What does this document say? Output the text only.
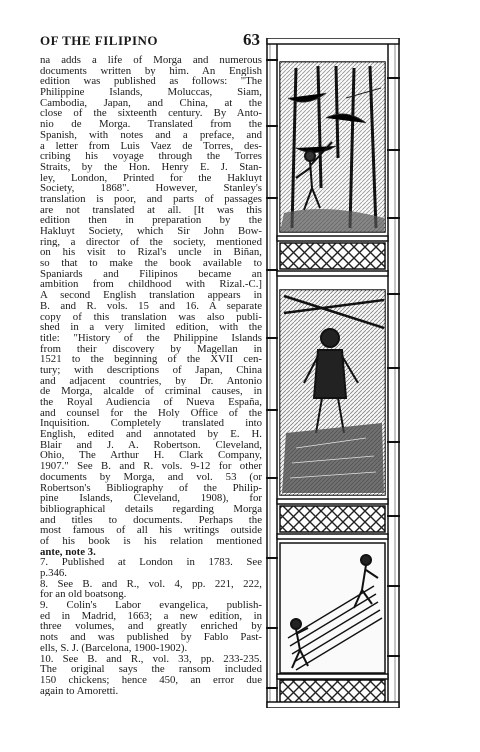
OF THE FILIPINO	63
na adds a life of Morga and numerous
documents written by him. An English
edition was published as follows: "The
Philippine Islands, Moluccas, Siam,
Cambodia, Japan, and China, at the
close of the sixteenth century. By Anto-
nio de Morga. Translated from the
Spanish, with notes and a preface, and
a letter from Luis Vaez de Torres, des-
cribing his voyage through the Torres
Straits, by the Hon. Henry E. J. Stan-
ley, London, Printed for the Hakluyt
Society, 1868". However, Stanley's
translation is poor, and parts of passages
are not translated at all. [It was this
edition then in preparation by the
Hakluyt Society, which Sir John Bow-
ring, a director of the society, mentioned
on his visit to Rizal's uncle in Biñan,
so that to make the book available to
Spaniards and Filipinos became an
ambition from childhood with Rizal.-C.]
A second English translation appears in
B. and R. vols. 15 and 16. A separate
copy of this translation was also publi-
shed in a very limited edition, with the
title: "History of the Philippine Islands
from their discovery by Magellan in
1521 to the beginning of the XVII cen-
tury; with descriptions of Japan, China
and adjacent countries, by Dr. Antonio
de Morga, alcalde of criminal causes, in
the Royal Audiencia of Nueva España,
and counsel for the Holy Office of the
Inquisition. Completely translated into
English, edited and annotated by E. H.
Blair and J. A. Robertson. Cleveland,
Ohio, The Arthur H. Clark Company,
1907." See B. and R. vols. 9-12 for other
documents by Morga, and vol. 53 (or
Robertson's Bibliography of the Philip-
pine Islands, Cleveland, 1908), for
bibliographical details regarding Morga
and titles to documents. Perhaps the
most famous of all his writings outside
of his book is his relation mentioned
ante, note 3.
7. Published at London in 1783. See
p.346.
8. See B. and R., vol. 4, pp. 221, 222,
for an old boatsong.
9. Colin's Labor evangelica, publish-
ed in Madrid, 1663; a new edition, in
three volumes, and greatly enriched by
nots and was published by Fablo Past-
ells, S. J. (Barcelona, 1900-1902).
10. See B. and R., vol. 33, pp. 233-235.
The original says the ransom included
150 chickens; hence 450, an error due
again to Amoretti.
